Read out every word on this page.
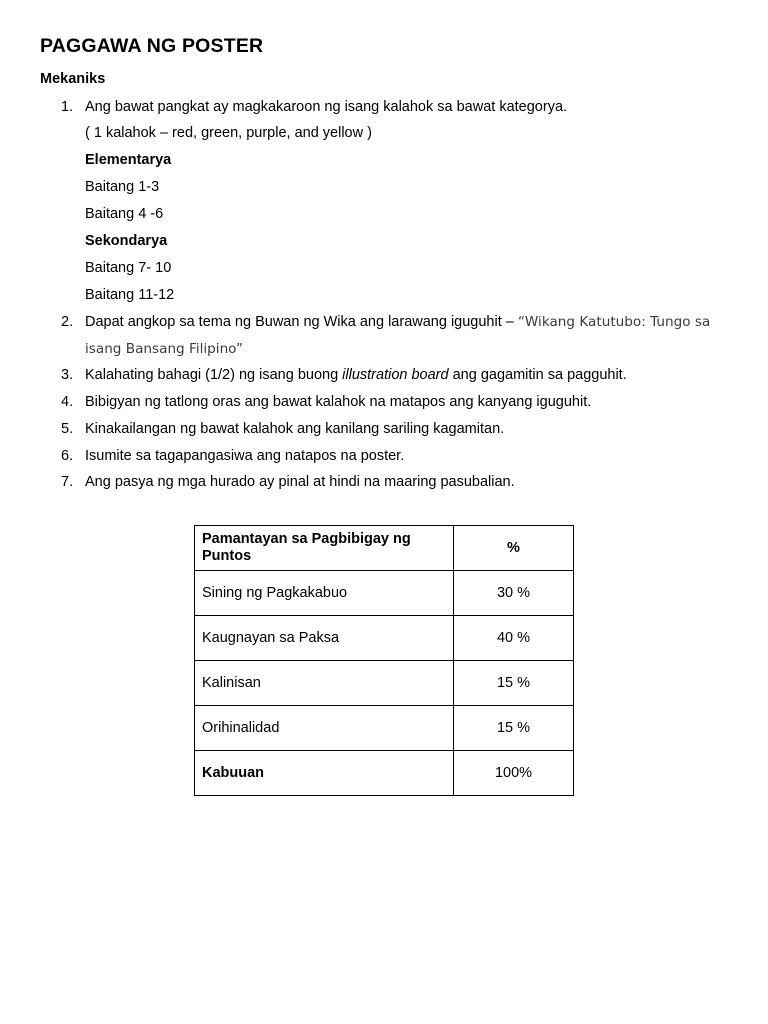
PAGGAWA NG POSTER
Mekaniks
1. Ang bawat pangkat ay magkakaroon ng isang kalahok sa bawat kategorya.
( 1 kalahok – red, green, purple, and yellow )
Elementarya
Baitang 1-3
Baitang 4 -6
Sekondarya
Baitang 7- 10
Baitang 11-12
2. Dapat angkop sa tema ng Buwan ng Wika ang larawang iguguhit – “Wikang Katutubo: Tungo sa
isang Bansang Filipino”
3. Kalahating bahagi (1/2) ng isang buong illustration board ang gagamitin sa pagguhit.
4. Bibigyan ng tatlong oras ang bawat kalahok na matapos ang kanyang iguguhit.
5. Kinakailangan ng bawat kalahok ang kanilang sariling kagamitan.
6. Isumite sa tagapangasiwa ang natapos na poster.
7. Ang pasya ng mga hurado ay pinal at hindi na maaring pasubalian.
Pamantayan sa Pagbibigay ng Puntos	%
Sining ng Pagkakabuo	30 %
Kaugnayan sa Paksa	40 %
Kalinisan	15 %
Orihinalidad	15 %
Kabuuan	100%
